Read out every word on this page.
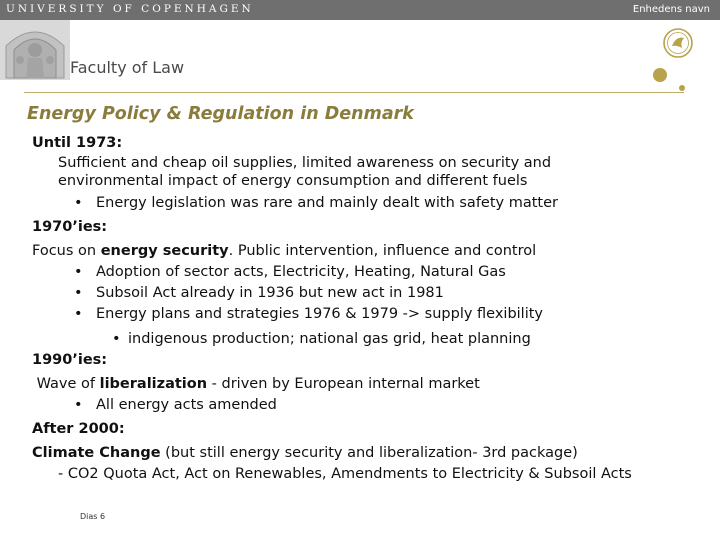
UNIVERSITY OF COPENHAGEN	Enhedens navn
Faculty of Law
Energy Policy & Regulation in Denmark

Until 1973:

Sufficient and cheap oil supplies, limited awareness on security and

environmental impact of energy consumption and different fuels

• Energy legislation was rare and mainly dealt with safety matter

1970’ies:

Focus on energy security. Public intervention, influence and control

• Adoption of sector acts, Electricity, Heating, Natural Gas

• Subsoil Act already in 1936 but new act in 1981

• Energy plans and strategies 1976 & 1979 -> supply flexibility

• indigenous production; national gas grid, heat planning

1990’ies:

Wave of liberalization - driven by European internal market

• All energy acts amended

After 2000:

Climate Change (but still energy security and liberalization- 3rd package)

- CO2 Quota Act, Act on Renewables, Amendments to Electricity & Subsoil Acts

Dias 6
